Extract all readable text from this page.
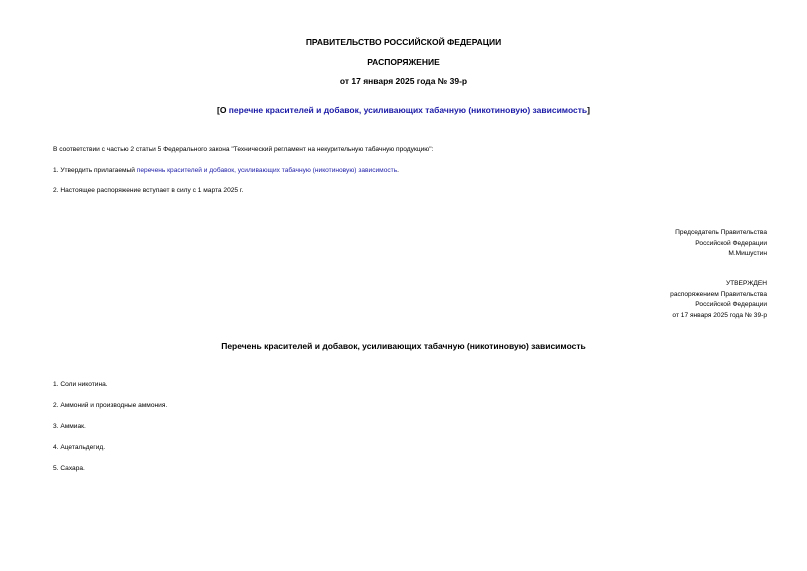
ПРАВИТЕЛЬСТВО РОССИЙСКОЙ ФЕДЕРАЦИИ
РАСПОРЯЖЕНИЕ
от 17 января 2025 года № 39-р
[О перечне красителей и добавок, усиливающих табачную (никотиновую) зависимость]
В соответствии с частью 2 статьи 5 Федерального закона "Технический регламент на некурительную табачную продукцию":
1. Утвердить прилагаемый перечень красителей и добавок, усиливающих табачную (никотиновую) зависимость.
2. Настоящее распоряжение вступает в силу с 1 марта 2025 г.
Председатель Правительства
Российской Федерации
М.Мишустин
УТВЕРЖДЕН
распоряжением Правительства
Российской Федерации
от 17 января 2025 года № 39-р
Перечень красителей и добавок, усиливающих табачную (никотиновую) зависимость
1. Соли никотина.
2. Аммоний и производные аммония.
3. Аммиак.
4. Ацетальдегид.
5. Сахара.
